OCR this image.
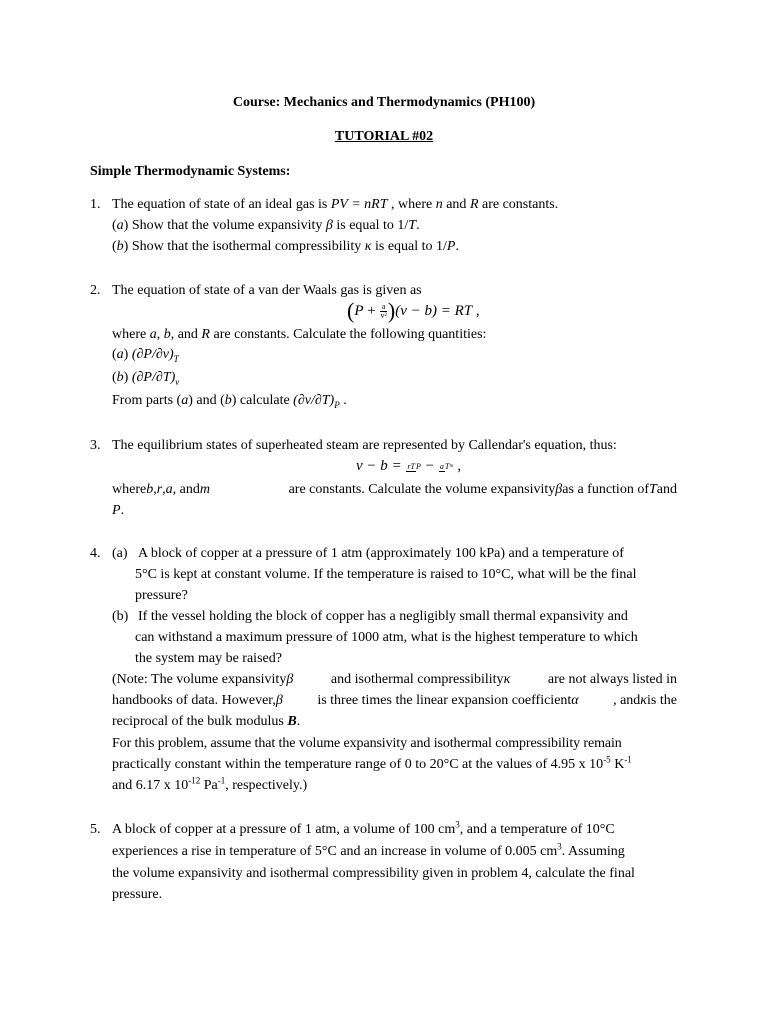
Course: Mechanics and Thermodynamics (PH100)
TUTORIAL #02
Simple Thermodynamic Systems:
1. The equation of state of an ideal gas is PV = nRT , where n and R are constants.
(a) Show that the volume expansivity β is equal to 1/T.
(b) Show that the isothermal compressibility κ is equal to 1/P.
2. The equation of state of a van der Waals gas is given as
$(P + \frac{a}{\text{v²}} )(v - b)$ = RT ,
where a, b, and R are constants. Calculate the following quantities:
(a) $(\partial P/\partial v)_T$
(b) $(\partial P/\partial T)_v$
From parts (a) and (b) calculate $(\partial v/\partial T)_P$ .
3. The equilibrium states of superheated steam are represented by Callendar's equation, thus:
v − b = rTP − aTᵐ ,
whereb,r,a, andm	are constants. Calculate the volume expansivityβas a function ofTand
P.
4. (a) A block of copper at a pressure of 1 atm (approximately 100 kPa) and a temperature of
5°C is kept at constant volume. If the temperature is raised to 10°C, what will be the final
pressure?
(b) If the vessel holding the block of copper has a negligibly small thermal expansivity and
can withstand a maximum pressure of 1000 atm, what is the highest temperature to which
the system may be raised?
(Note: The volume expansivityβ	and isothermal compressibilityκ	are not always listed in
handbooks of data. However,β is three times the linear expansion coefficientα , andκis the
reciprocal of the bulk modulus B.
For this problem, assume that the volume expansivity and isothermal compressibility remain
practically constant within the temperature range of 0 to 20°C at the values of 4.95 x $10^{-5}$ $K^{-1}$
and 6.17 x $10^{-12}$ $Pa^{-1}$, respectively.)
5. A block of copper at a pressure of 1 atm, a volume of 100 $cm^3$, and a temperature of 10°C
experiences a rise in temperature of 5°C and an increase in volume of 0.005 $cm^3$. Assuming
the volume expansivity and isothermal compressibility given in problem 4, calculate the final
pressure.
